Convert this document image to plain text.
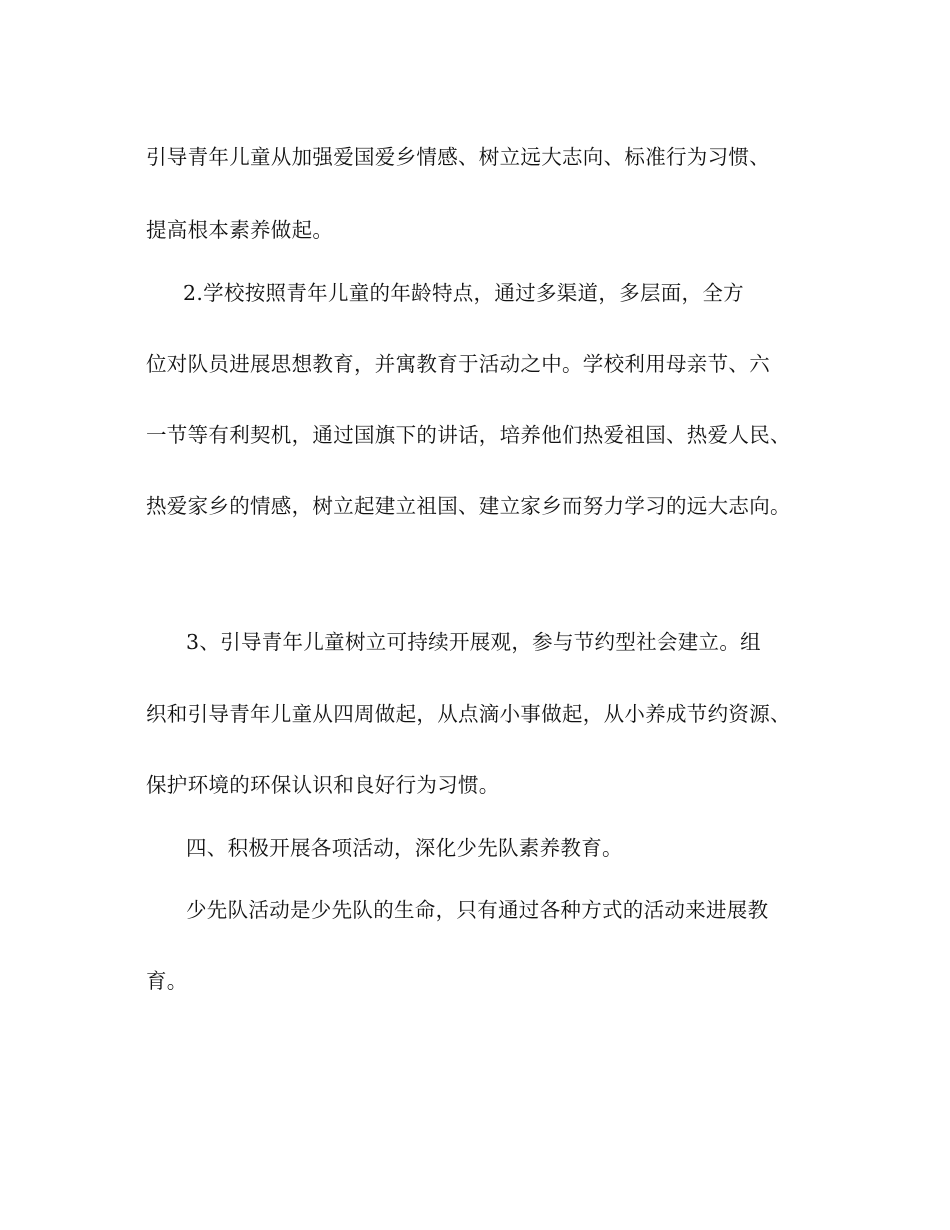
引导青年儿童从加强爱国爱乡情感、树立远大志向、标准行为习惯、
提高根本素养做起。
2.学校按照青年儿童的年龄特点，通过多渠道，多层面，全方
位对队员进展思想教育，并寓教育于活动之中。学校利用母亲节、六
一节等有利契机，通过国旗下的讲话，培养他们热爱祖国、热爱人民、
热爱家乡的情感，树立起建立祖国、建立家乡而努力学习的远大志向。
3、引导青年儿童树立可持续开展观，参与节约型社会建立。组
织和引导青年儿童从四周做起，从点滴小事做起，从小养成节约资源、
保护环境的环保认识和良好行为习惯。
四、积极开展各项活动，深化少先队素养教育。
少先队活动是少先队的生命，只有通过各种方式的活动来进展教
育。
